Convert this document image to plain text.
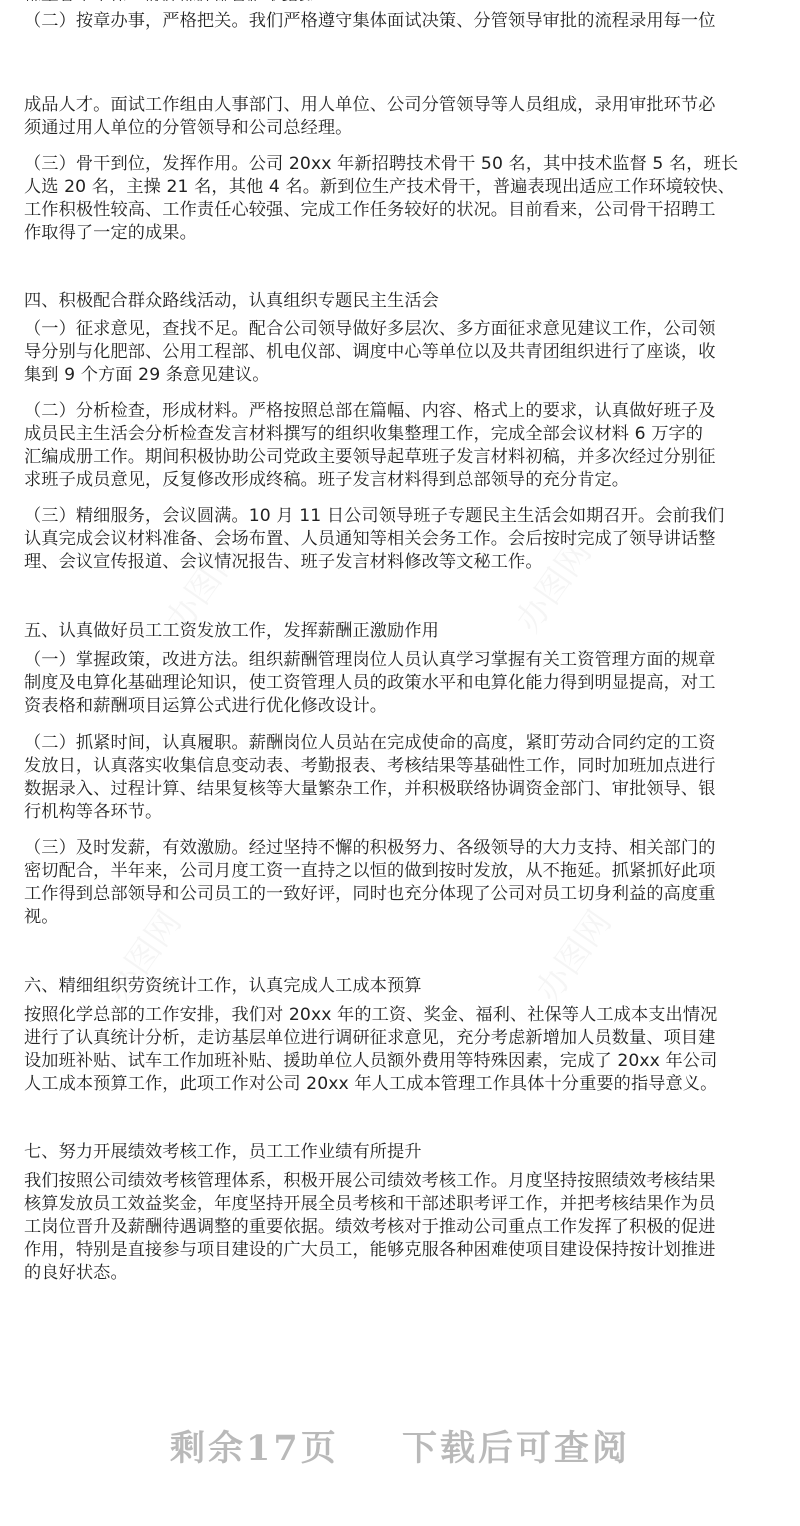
（二）按章办事，严格把关。我们严格遵守集体面试决策、分管领导审批的流程录用每一位
成品人才。面试工作组由人事部门、用人单位、公司分管领导等人员组成，录用审批环节必
须通过用人单位的分管领导和公司总经理。
（三）骨干到位，发挥作用。公司 20xx 年新招聘技术骨干 50 名，其中技术监督 5 名，班长
人选 20 名，主操 21 名，其他 4 名。新到位生产技术骨干，普遍表现出适应工作环境较快、
工作积极性较高、工作责任心较强、完成工作任务较好的状况。目前看来，公司骨干招聘工
作取得了一定的成果。
四、积极配合群众路线活动，认真组织专题民主生活会
（一）征求意见，查找不足。配合公司领导做好多层次、多方面征求意见建议工作，公司领
导分别与化肥部、公用工程部、机电仪部、调度中心等单位以及共青团组织进行了座谈，收
集到 9 个方面 29 条意见建议。
（二）分析检查，形成材料。严格按照总部在篇幅、内容、格式上的要求，认真做好班子及
成员民主生活会分析检查发言材料撰写的组织收集整理工作，完成全部会议材料 6 万字的
汇编成册工作。期间积极协助公司党政主要领导起草班子发言材料初稿，并多次经过分别征
求班子成员意见，反复修改形成终稿。班子发言材料得到总部领导的充分肯定。
（三）精细服务，会议圆满。10 月 11 日公司领导班子专题民主生活会如期召开。会前我们
认真完成会议材料准备、会场布置、人员通知等相关会务工作。会后按时完成了领导讲话整
理、会议宣传报道、会议情况报告、班子发言材料修改等文秘工作。
五、认真做好员工工资发放工作，发挥薪酬正激励作用
（一）掌握政策，改进方法。组织薪酬管理岗位人员认真学习掌握有关工资管理方面的规章
制度及电算化基础理论知识，使工资管理人员的政策水平和电算化能力得到明显提高，对工
资表格和薪酬项目运算公式进行优化修改设计。
（二）抓紧时间，认真履职。薪酬岗位人员站在完成使命的高度，紧盯劳动合同约定的工资
发放日，认真落实收集信息变动表、考勤报表、考核结果等基础性工作，同时加班加点进行
数据录入、过程计算、结果复核等大量繁杂工作，并积极联络协调资金部门、审批领导、银
行机构等各环节。
（三）及时发薪，有效激励。经过坚持不懈的积极努力、各级领导的大力支持、相关部门的
密切配合，半年来，公司月度工资一直持之以恒的做到按时发放，从不拖延。抓紧抓好此项
工作得到总部领导和公司员工的一致好评，同时也充分体现了公司对员工切身利益的高度重
视。
六、精细组织劳资统计工作，认真完成人工成本预算
按照化学总部的工作安排，我们对 20xx 年的工资、奖金、福利、社保等人工成本支出情况
进行了认真统计分析，走访基层单位进行调研征求意见，充分考虑新增加人员数量、项目建
设加班补贴、试车工作加班补贴、援助单位人员额外费用等特殊因素，完成了 20xx 年公司
人工成本预算工作，此项工作对公司 20xx 年人工成本管理工作具体十分重要的指导意义。
七、努力开展绩效考核工作，员工工作业绩有所提升
我们按照公司绩效考核管理体系，积极开展公司绩效考核工作。月度坚持按照绩效考核结果
核算发放员工效益奖金，年度坚持开展全员考核和干部述职考评工作，并把考核结果作为员
工岗位晋升及薪酬待遇调整的重要依据。绩效考核对于推动公司重点工作发挥了积极的促进
作用，特别是直接参与项目建设的广大员工，能够克服各种困难使项目建设保持按计划推进
的良好状态。
办图网	办图网
办图网	办图网
剩余17页 下载后可查阅
